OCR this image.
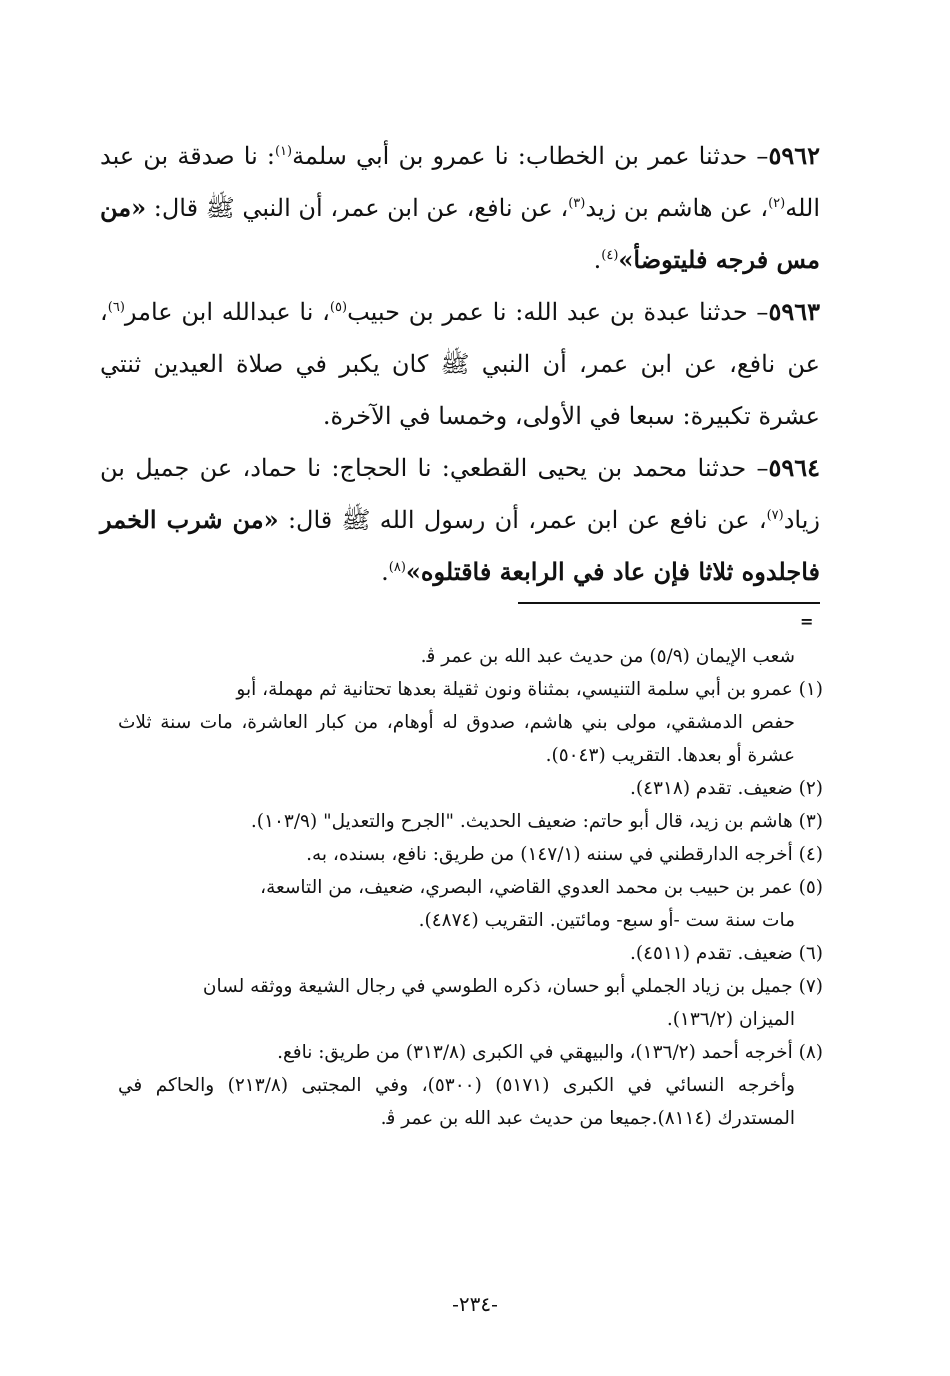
٥٩٦٢– حدثنا عمر بن الخطاب: نا عمرو بن أبي سلمة$^{(١)}$: نا صدقة بن عبد الله$^{(٢)}$، عن هاشم بن زيد$^{(٣)}$، عن نافع، عن ابن عمر، أن النبي ﷺ قال: «من مس فرجه فليتوضأ»$^{(٤)}$.

٥٩٦٣– حدثنا عبدة بن عبد الله: نا عمر بن حبيب$^{(٥)}$، نا عبدالله ابن عامر$^{(٦)}$، عن نافع، عن ابن عمر، أن النبي ﷺ كان يكبر في صلاة العيدين ثنتي عشرة تكبيرة: سبعا في الأولى، وخمسا في الآخرة.

٥٩٦٤– حدثنا محمد بن يحيى القطعي: نا الحجاج: نا حماد، عن جميل بن زياد$^{(٧)}$، عن نافع عن ابن عمر، أن رسول الله ﷺ قال: «من شرب الخمر فاجلدوه ثلاثا فإن عاد في الرابعة فاقتلوه»$^{(٨)}$.

=

شعب الإيمان (٥/٩) من حديث عبد الله بن عمر ﭬ.

(١) عمرو بن أبي سلمة التنيسي، بمثناة ونون ثقيلة بعدها تحتانية ثم مهملة، أبو
حفص الدمشقي، مولى بني هاشم، صدوق له أوهام، من كبار العاشرة، مات سنة ثلاث عشرة أو بعدها. التقريب (٥٠٤٣).

(٢) ضعيف. تقدم (٤٣١٨).

(٣) هاشم بن زيد، قال أبو حاتم: ضعيف الحديث. "الجرح والتعديل" (١٠٣/٩).

(٤) أخرجه الدارقطني في سننه (١٤٧/١) من طريق: نافع، بسنده، به.

(٥) عمر بن حبيب بن محمد العدوي القاضي، البصري، ضعيف، من التاسعة،
مات سنة ست -أو سبع- ومائتين. التقريب (٤٨٧٤).

(٦) ضعيف. تقدم (٤٥١١).

(٧) جميل بن زياد الجملي أبو حسان، ذكره الطوسي في رجال الشيعة ووثقه لسان
الميزان (١٣٦/٢).

(٨) أخرجه أحمد (١٣٦/٢)، والبيهقي في الكبرى (٣١٣/٨) من طريق: نافع.
وأخرجه النسائي في الكبرى (٥١٧١) (٥٣٠٠)، وفي المجتبى (٢١٣/٨) والحاكم في المستدرك (٨١١٤).جميعا من حديث عبد الله بن عمر ﭬ.

-٢٣٤-
